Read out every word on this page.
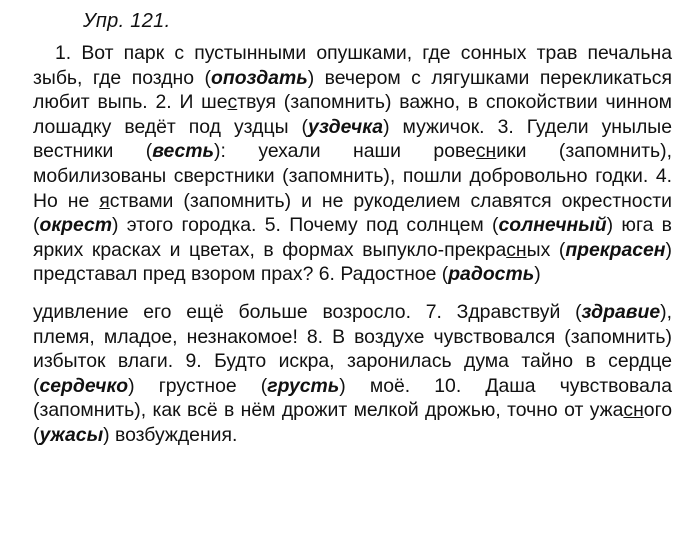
Упр. 121.

1. Вот парк с пустынными опушками, где сонных трав печальна зыбь, где поздно (опоздать) вечером с лягушками перекликаться любит выпь. 2. И шествуя (запомнить) важно, в спокойствии чинном лошадку ведёт под уздцы (уздечка) мужичок. 3. Гудели унылые вестники (весть): уехали наши ровесники (запомнить), мобилизованы сверстники (запомнить), пошли добровольно годки. 4. Но не яствами (запомнить) и не рукоделием славятся окрестности (окрест) этого городка. 5. Почему под солнцем (солнечный) юга в ярких красках и цветах, в формах выпукло-прекрасных (прекрасен) представал пред взором прах? 6. Радостное (радость)

удивление его ещё больше возросло. 7. Здравствуй (здравие), племя, младое, незнакомое! 8. В воздухе чувствовался (запомнить) избыток влаги. 9. Будто искра, заронилась дума тайно в сердце (сердечко) грустное (грусть) моё. 10. Даша чувствовала (запомнить), как всё в нём дрожит мелкой дрожью, точно от ужасного (ужасы) возбуждения.
